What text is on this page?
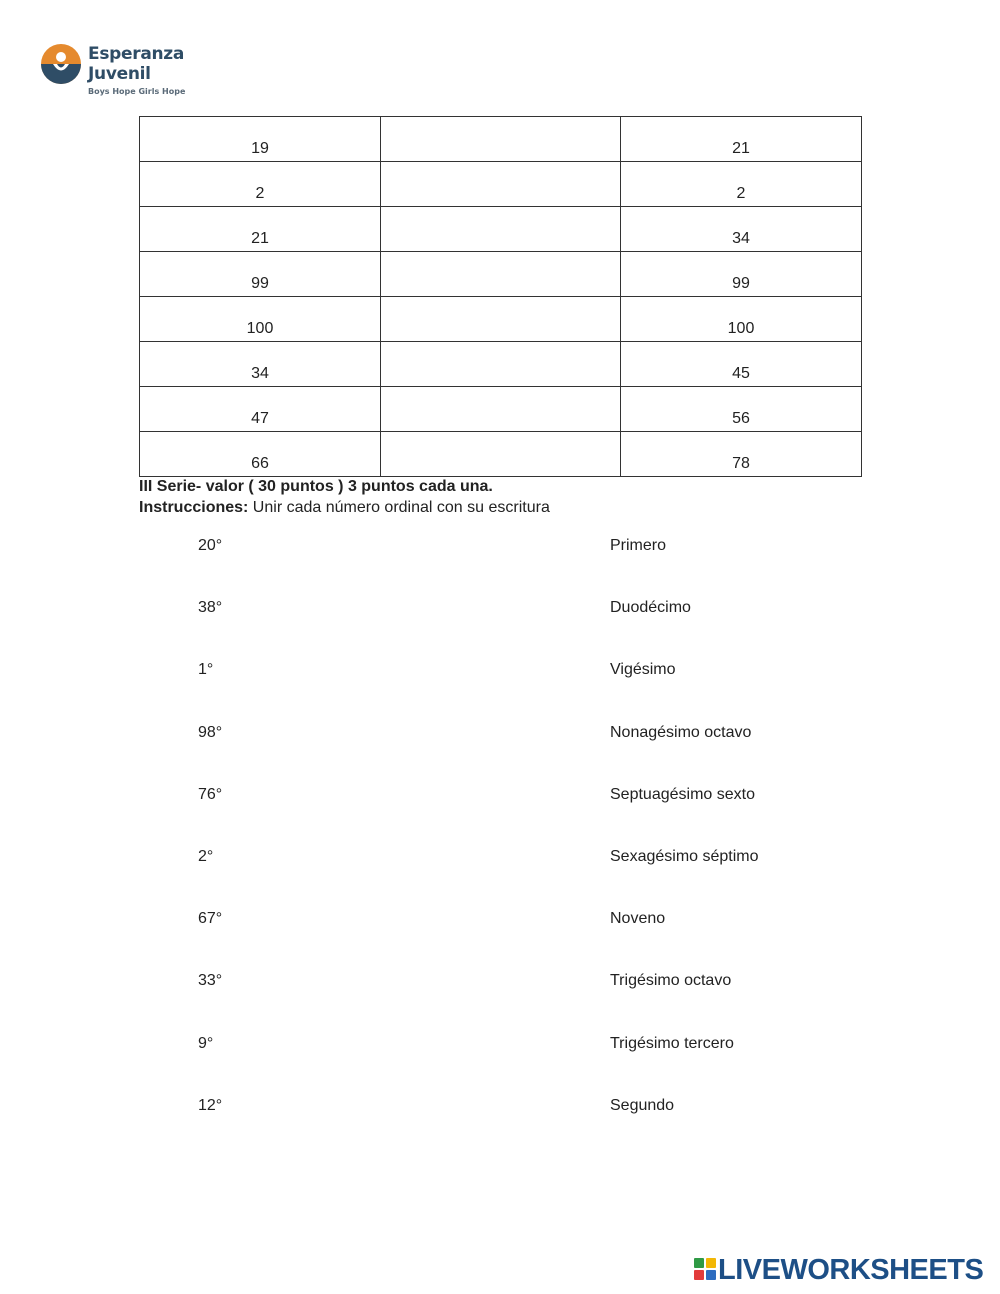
Esperanza
Juvenil
Boys Hope Girls Hope
19		21
2		2
21		34
99		99
100		100
34		45
47		56
66		78
III Serie- valor ( 30 puntos ) 3 puntos cada una.
Instrucciones: Unir cada número ordinal con su escritura
20°	Primero
38°	Duodécimo
1°	Vigésimo
98°	Nonagésimo octavo
76°	Septuagésimo sexto
2°	Sexagésimo séptimo
67°	Noveno
33°	Trigésimo octavo
9°	Trigésimo tercero
12°	Segundo
LIVEWORKSHEETS
